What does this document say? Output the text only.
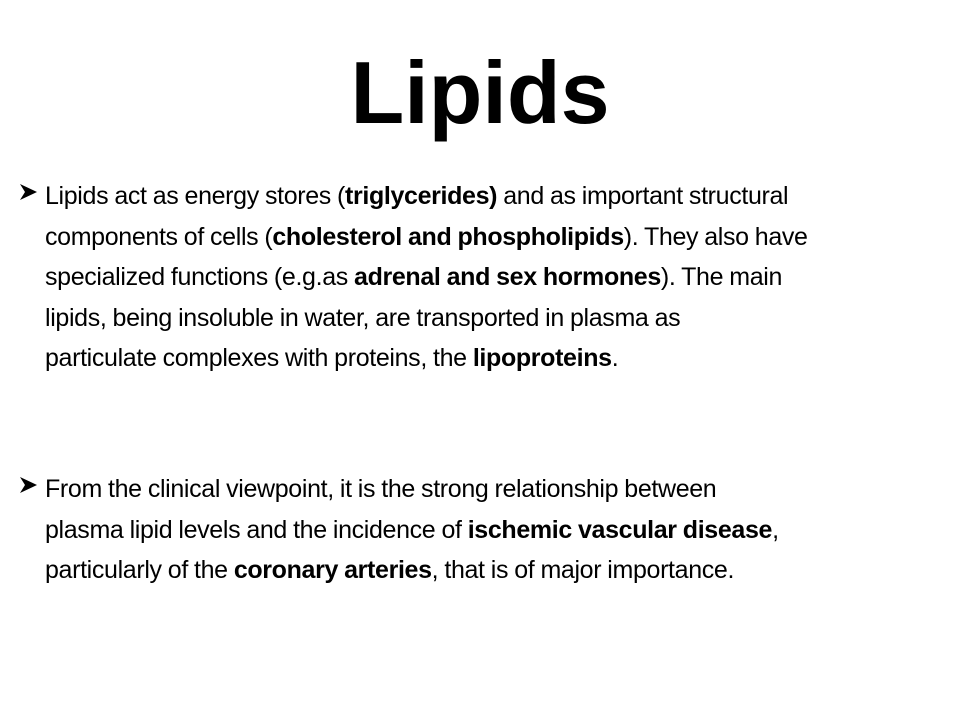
Lipids
Lipids act as energy stores (triglycerides) and as important structural
components of cells (cholesterol and phospholipids). They also have
specialized functions (e.g.as adrenal and sex hormones). The main
lipids, being insoluble in water, are transported in plasma as
particulate complexes with proteins, the lipoproteins.
From the clinical viewpoint, it is the strong relationship between
plasma lipid levels and the incidence of ischemic vascular disease,
particularly of the coronary arteries, that is of major importance.
